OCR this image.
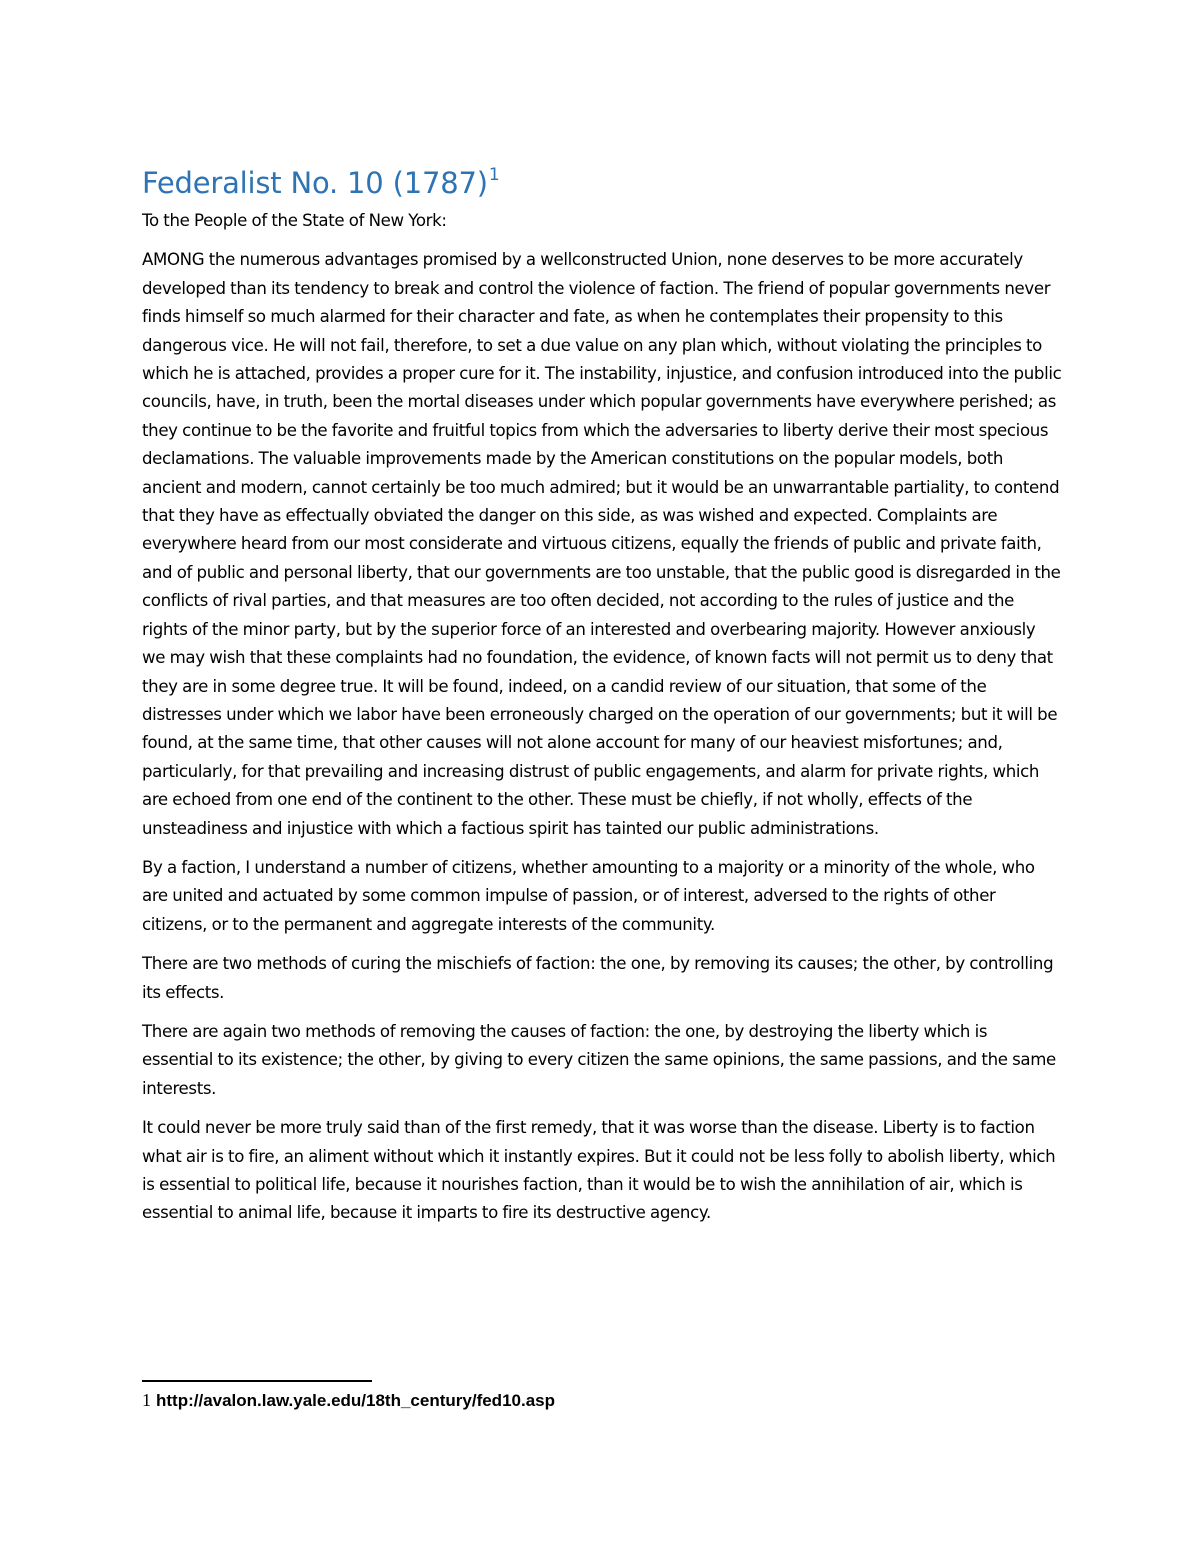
Federalist No. 10 $(1787)^1$

To the People of the State of New York:

AMONG the numerous advantages promised by a wellconstructed Union, none deserves to be more accurately developed than its tendency to break and control the violence of faction. The friend of popular governments never finds himself so much alarmed for their character and fate, as when he contemplates their propensity to this dangerous vice. He will not fail, therefore, to set a due value on any plan which, without violating the principles to which he is attached, provides a proper cure for it. The instability, injustice, and confusion introduced into the public councils, have, in truth, been the mortal diseases under which popular governments have everywhere perished; as they continue to be the favorite and fruitful topics from which the adversaries to liberty derive their most specious declamations. The valuable improvements made by the American constitutions on the popular models, both ancient and modern, cannot certainly be too much admired; but it would be an unwarrantable partiality, to contend that they have as effectually obviated the danger on this side, as was wished and expected. Complaints are everywhere heard from our most considerate and virtuous citizens, equally the friends of public and private faith, and of public and personal liberty, that our governments are too unstable, that the public good is disregarded in the conflicts of rival parties, and that measures are too often decided, not according to the rules of justice and the rights of the minor party, but by the superior force of an interested and overbearing majority. However anxiously we may wish that these complaints had no foundation, the evidence, of known facts will not permit us to deny that they are in some degree true. It will be found, indeed, on a candid review of our situation, that some of the distresses under which we labor have been erroneously charged on the operation of our governments; but it will be found, at the same time, that other causes will not alone account for many of our heaviest misfortunes; and, particularly, for that prevailing and increasing distrust of public engagements, and alarm for private rights, which are echoed from one end of the continent to the other. These must be chiefly, if not wholly, effects of the unsteadiness and injustice with which a factious spirit has tainted our public administrations.

By a faction, I understand a number of citizens, whether amounting to a majority or a minority of the whole, who are united and actuated by some common impulse of passion, or of interest, adversed to the rights of other citizens, or to the permanent and aggregate interests of the community.

There are two methods of curing the mischiefs of faction: the one, by removing its causes; the other, by controlling its effects.

There are again two methods of removing the causes of faction: the one, by destroying the liberty which is essential to its existence; the other, by giving to every citizen the same opinions, the same passions, and the same interests.

It could never be more truly said than of the first remedy, that it was worse than the disease. Liberty is to faction what air is to fire, an aliment without which it instantly expires. But it could not be less folly to abolish liberty, which is essential to political life, because it nourishes faction, than it would be to wish the annihilation of air, which is essential to animal life, because it imparts to fire its destructive agency.

1 http://avalon.law.yale.edu/18th_century/fed10.asp
